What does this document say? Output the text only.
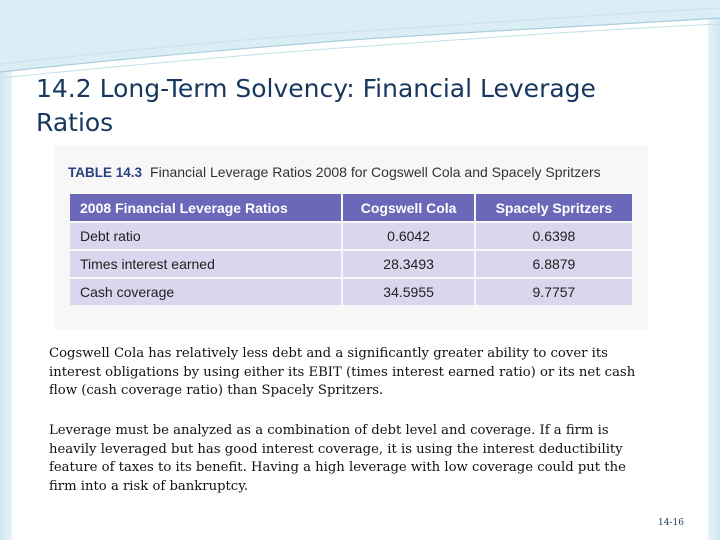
14.2 Long-Term Solvency: Financial Leverage Ratios
TABLE 14.3 Financial Leverage Ratios 2008 for Cogswell Cola and Spacely Spritzers
2008 Financial Leverage Ratios	Cogswell Cola	Spacely Spritzers
Debt ratio	0.6042	0.6398
Times interest earned	28.3493	6.8879
Cash coverage	34.5955	9.7757

Cogswell Cola has relatively less debt and a significantly greater ability to cover its interest obligations by using either its EBIT (times interest earned ratio) or its net cash flow (cash coverage ratio) than Spacely Spritzers.

Leverage must be analyzed as a combination of debt level and coverage. If a firm is heavily leveraged but has good interest coverage, it is using the interest deductibility feature of taxes to its benefit. Having a high leverage with low coverage could put the firm into a risk of bankruptcy.

14-16
